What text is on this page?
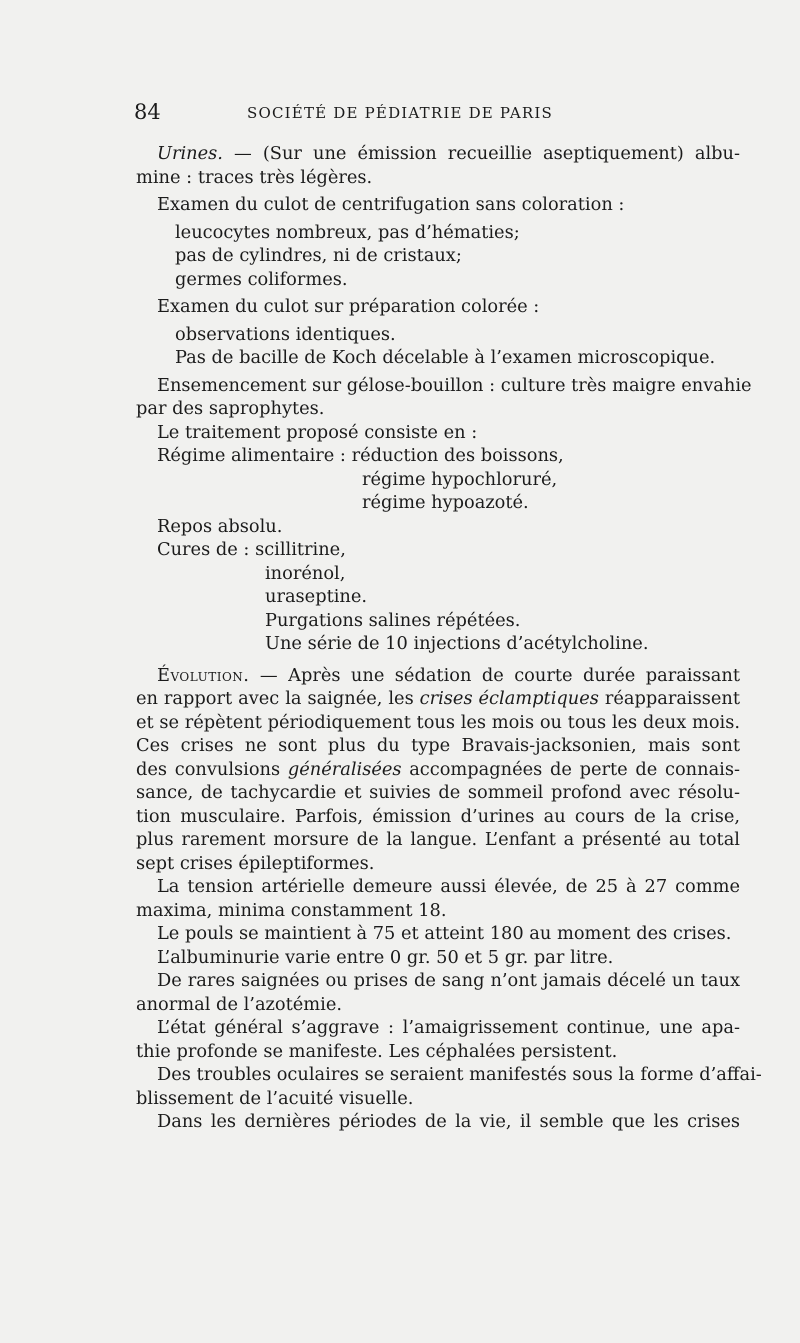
84	SOCIÉTÉ DE PÉDIATRIE DE PARIS
Urines. — (Sur une émission recueillie aseptiquement) albu-
mine : traces très légères.
Examen du culot de centrifugation sans coloration :
leucocytes nombreux, pas d’hématies;
pas de cylindres, ni de cristaux;
germes coliformes.
Examen du culot sur préparation colorée :
observations identiques.
Pas de bacille de Koch décelable à l’examen microscopique.
Ensemencement sur gélose-bouillon : culture très maigre envahie
par des saprophytes.
Le traitement proposé consiste en :
Régime alimentaire : réduction des boissons,
régime hypochloruré,
régime hypoazoté.
Repos absolu.
Cures de : scillitrine,
inorénol,
uraseptine.
Purgations salines répétées.
Une série de 10 injections d’acétylcholine.
Évolution. — Après une sédation de courte durée paraissant
en rapport avec la saignée, les crises éclamptiques réapparaissent
et se répètent périodiquement tous les mois ou tous les deux mois.
Ces crises ne sont plus du type Bravais-jacksonien, mais sont
des convulsions généralisées accompagnées de perte de connais-
sance, de tachycardie et suivies de sommeil profond avec résolu-
tion musculaire. Parfois, émission d’urines au cours de la crise,
plus rarement morsure de la langue. L’enfant a présenté au total
sept crises épileptiformes.
La tension artérielle demeure aussi élevée, de 25 à 27 comme
maxima, minima constamment 18.
Le pouls se maintient à 75 et atteint 180 au moment des crises.
L’albuminurie varie entre 0 gr. 50 et 5 gr. par litre.
De rares saignées ou prises de sang n’ont jamais décelé un taux
anormal de l’azotémie.
L’état général s’aggrave : l’amaigrissement continue, une apa-
thie profonde se manifeste. Les céphalées persistent.
Des troubles oculaires se seraient manifestés sous la forme d’affai-
blissement de l’acuité visuelle.
Dans les dernières périodes de la vie, il semble que les crises
